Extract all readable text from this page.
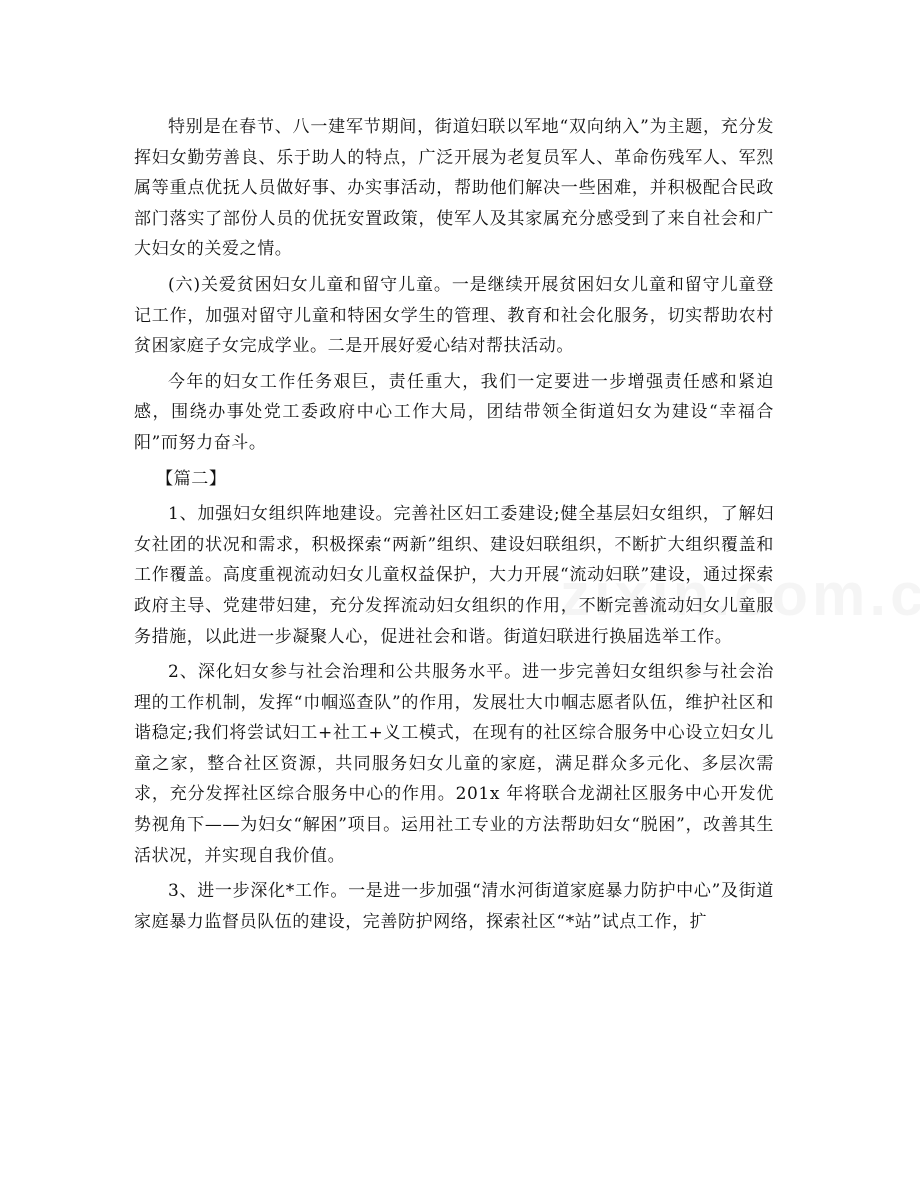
特别是在春节、八一建军节期间，街道妇联以军地“双向纳入”为主题，充分发挥妇女勤劳善良、乐于助人的特点，广泛开展为老复员军人、革命伤残军人、军烈属等重点优抚人员做好事、办实事活动，帮助他们解决一些困难，并积极配合民政部门落实了部份人员的优抚安置政策，使军人及其家属充分感受到了来自社会和广大妇女的关爱之情。

(六)关爱贫困妇女儿童和留守儿童。一是继续开展贫困妇女儿童和留守儿童登记工作，加强对留守儿童和特困女学生的管理、教育和社会化服务，切实帮助农村贫困家庭子女完成学业。二是开展好爱心结对帮扶活动。

今年的妇女工作任务艰巨，责任重大，我们一定要进一步增强责任感和紧迫感，围绕办事处党工委政府中心工作大局，团结带领全街道妇女为建设“幸福合阳”而努力奋斗。

【篇二】

1、加强妇女组织阵地建设。完善社区妇工委建设;健全基层妇女组织，了解妇女社团的状况和需求，积极探索“两新”组织、建设妇联组织，不断扩大组织覆盖和工作覆盖。高度重视流动妇女儿童权益保护，大力开展“流动妇联”建设，通过探索政府主导、党建带妇建，充分发挥流动妇女组织的作用，不断完善流动妇女儿童服务措施，以此进一步凝聚人心，促进社会和谐。街道妇联进行换届选举工作。

2、深化妇女参与社会治理和公共服务水平。进一步完善妇女组织参与社会治理的工作机制，发挥“巾帼巡查队”的作用，发展壮大巾帼志愿者队伍，维护社区和谐稳定;我们将尝试妇工+社工+义工模式，在现有的社区综合服务中心设立妇女儿童之家，整合社区资源，共同服务妇女儿童的家庭，满足群众多元化、多层次需求，充分发挥社区综合服务中心的作用。201x 年将联合龙湖社区服务中心开发优势视角下——为妇女“解困”项目。运用社工专业的方法帮助妇女“脱困”，改善其生活状况，并实现自我价值。

3、进一步深化*工作。一是进一步加强“清水河街道家庭暴力防护中心”及街道家庭暴力监督员队伍的建设，完善防护网络，探索社区“*站”试点工作，扩
